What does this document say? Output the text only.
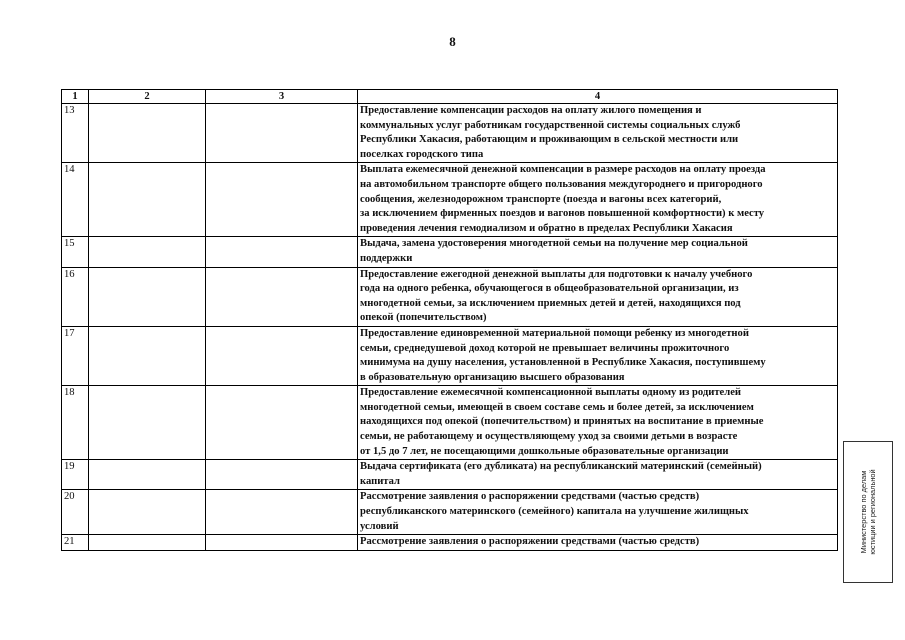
8
1	2	3	4
13			Предоставление компенсации расходов на оплату жилого помещения и
коммунальных услуг работникам государственной системы социальных служб
Республики Хакасия, работающим и проживающим в сельской местности или
поселках городского типа

14			Выплата ежемесячной денежной компенсации в размере расходов на оплату проезда
на автомобильном транспорте общего пользования междугороднего и пригородного
сообщения, железнодорожном транспорте (поезда и вагоны всех категорий,
за исключением фирменных поездов и вагонов повышенной комфортности) к месту
проведения лечения гемодиализом и обратно в пределах Республики Хакасия

15			Выдача, замена удостоверения многодетной семьи на получение мер социальной
поддержки

16			Предоставление ежегодной денежной выплаты для подготовки к началу учебного
года на одного ребенка, обучающегося в общеобразовательной организации, из
многодетной семьи, за исключением приемных детей и детей, находящихся под
опекой (попечительством)

17			Предоставление единовременной материальной помощи ребенку из многодетной
семьи, среднедушевой доход которой не превышает величины прожиточного
минимума на душу населения, установленной в Республике Хакасия, поступившему
в образовательную организацию высшего образования

18			Предоставление ежемесячной компенсационной выплаты одному из родителей
многодетной семьи, имеющей в своем составе семь и более детей, за исключением
находящихся под опекой (попечительством) и принятых на воспитание в приемные
семьи, не работающему и осуществляющему уход за своими детьми в возрасте
от 1,5 до 7 лет, не посещающими дошкольные образовательные организации

19			Выдача сертификата (его дубликата) на республиканский материнский (семейный)
капитал

20			Рассмотрение заявления о распоряжении средствами (частью средств)
республиканского материнского (семейного) капитала на улучшение жилищных
условий

21			Рассмотрение заявления о распоряжении средствами (частью средств)	Министерство по делам юстиции и региональной
